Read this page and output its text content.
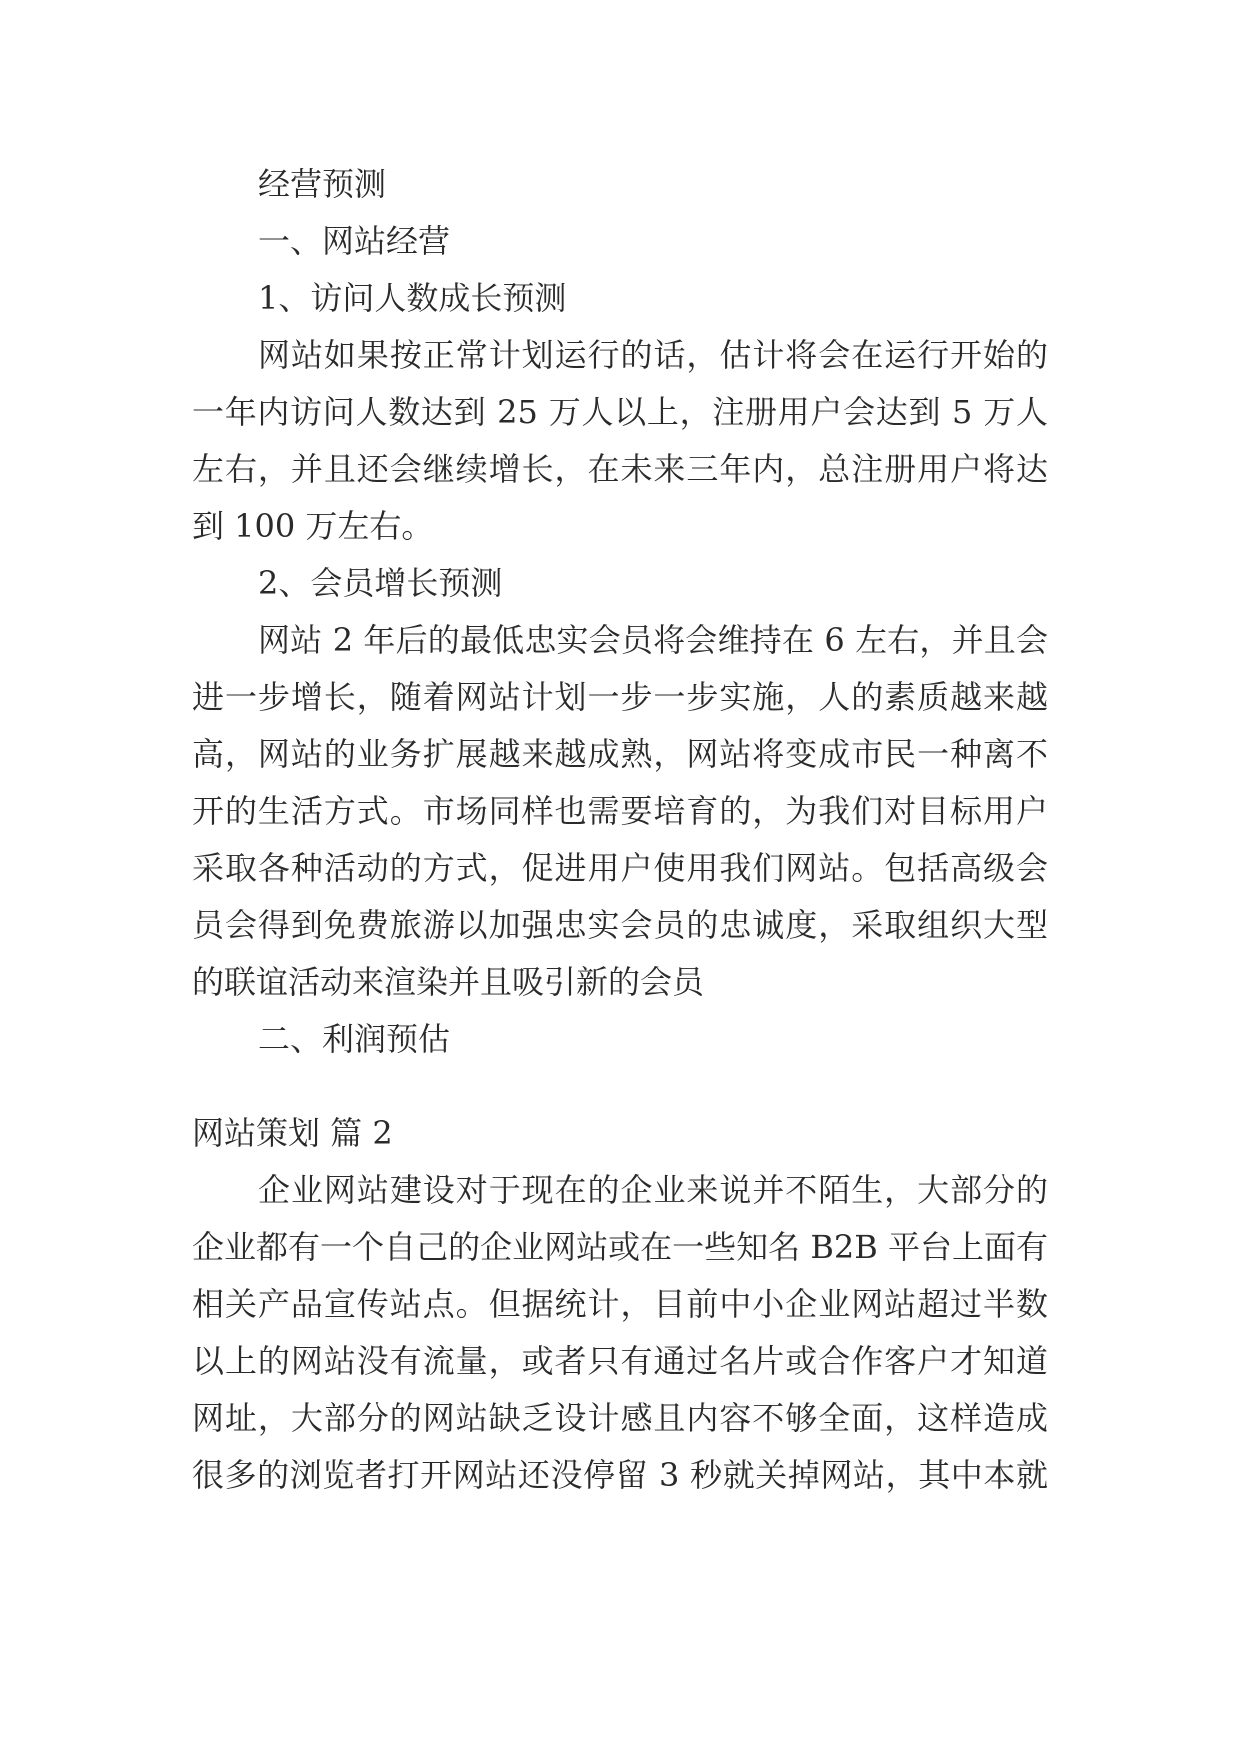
经营预测
一、网站经营
1、访问人数成长预测
网站如果按正常计划运行的话，估计将会在运行开始的
一年内访问人数达到 25 万人以上，注册用户会达到 5 万人
左右，并且还会继续增长，在未来三年内，总注册用户将达
到 100 万左右。
2、会员增长预测
网站 2 年后的最低忠实会员将会维持在 6 左右，并且会
进一步增长，随着网站计划一步一步实施，人的素质越来越
高，网站的业务扩展越来越成熟，网站将变成市民一种离不
开的生活方式。市场同样也需要培育的，为我们对目标用户
采取各种活动的方式，促进用户使用我们网站。包括高级会
员会得到免费旅游以加强忠实会员的忠诚度，采取组织大型
的联谊活动来渲染并且吸引新的会员
二、利润预估
网站策划 篇 2
企业网站建设对于现在的企业来说并不陌生，大部分的
企业都有一个自己的企业网站或在一些知名 B2B 平台上面有
相关产品宣传站点。但据统计，目前中小企业网站超过半数
以上的网站没有流量，或者只有通过名片或合作客户才知道
网址，大部分的网站缺乏设计感且内容不够全面，这样造成
很多的浏览者打开网站还没停留 3 秒就关掉网站，其中本就
